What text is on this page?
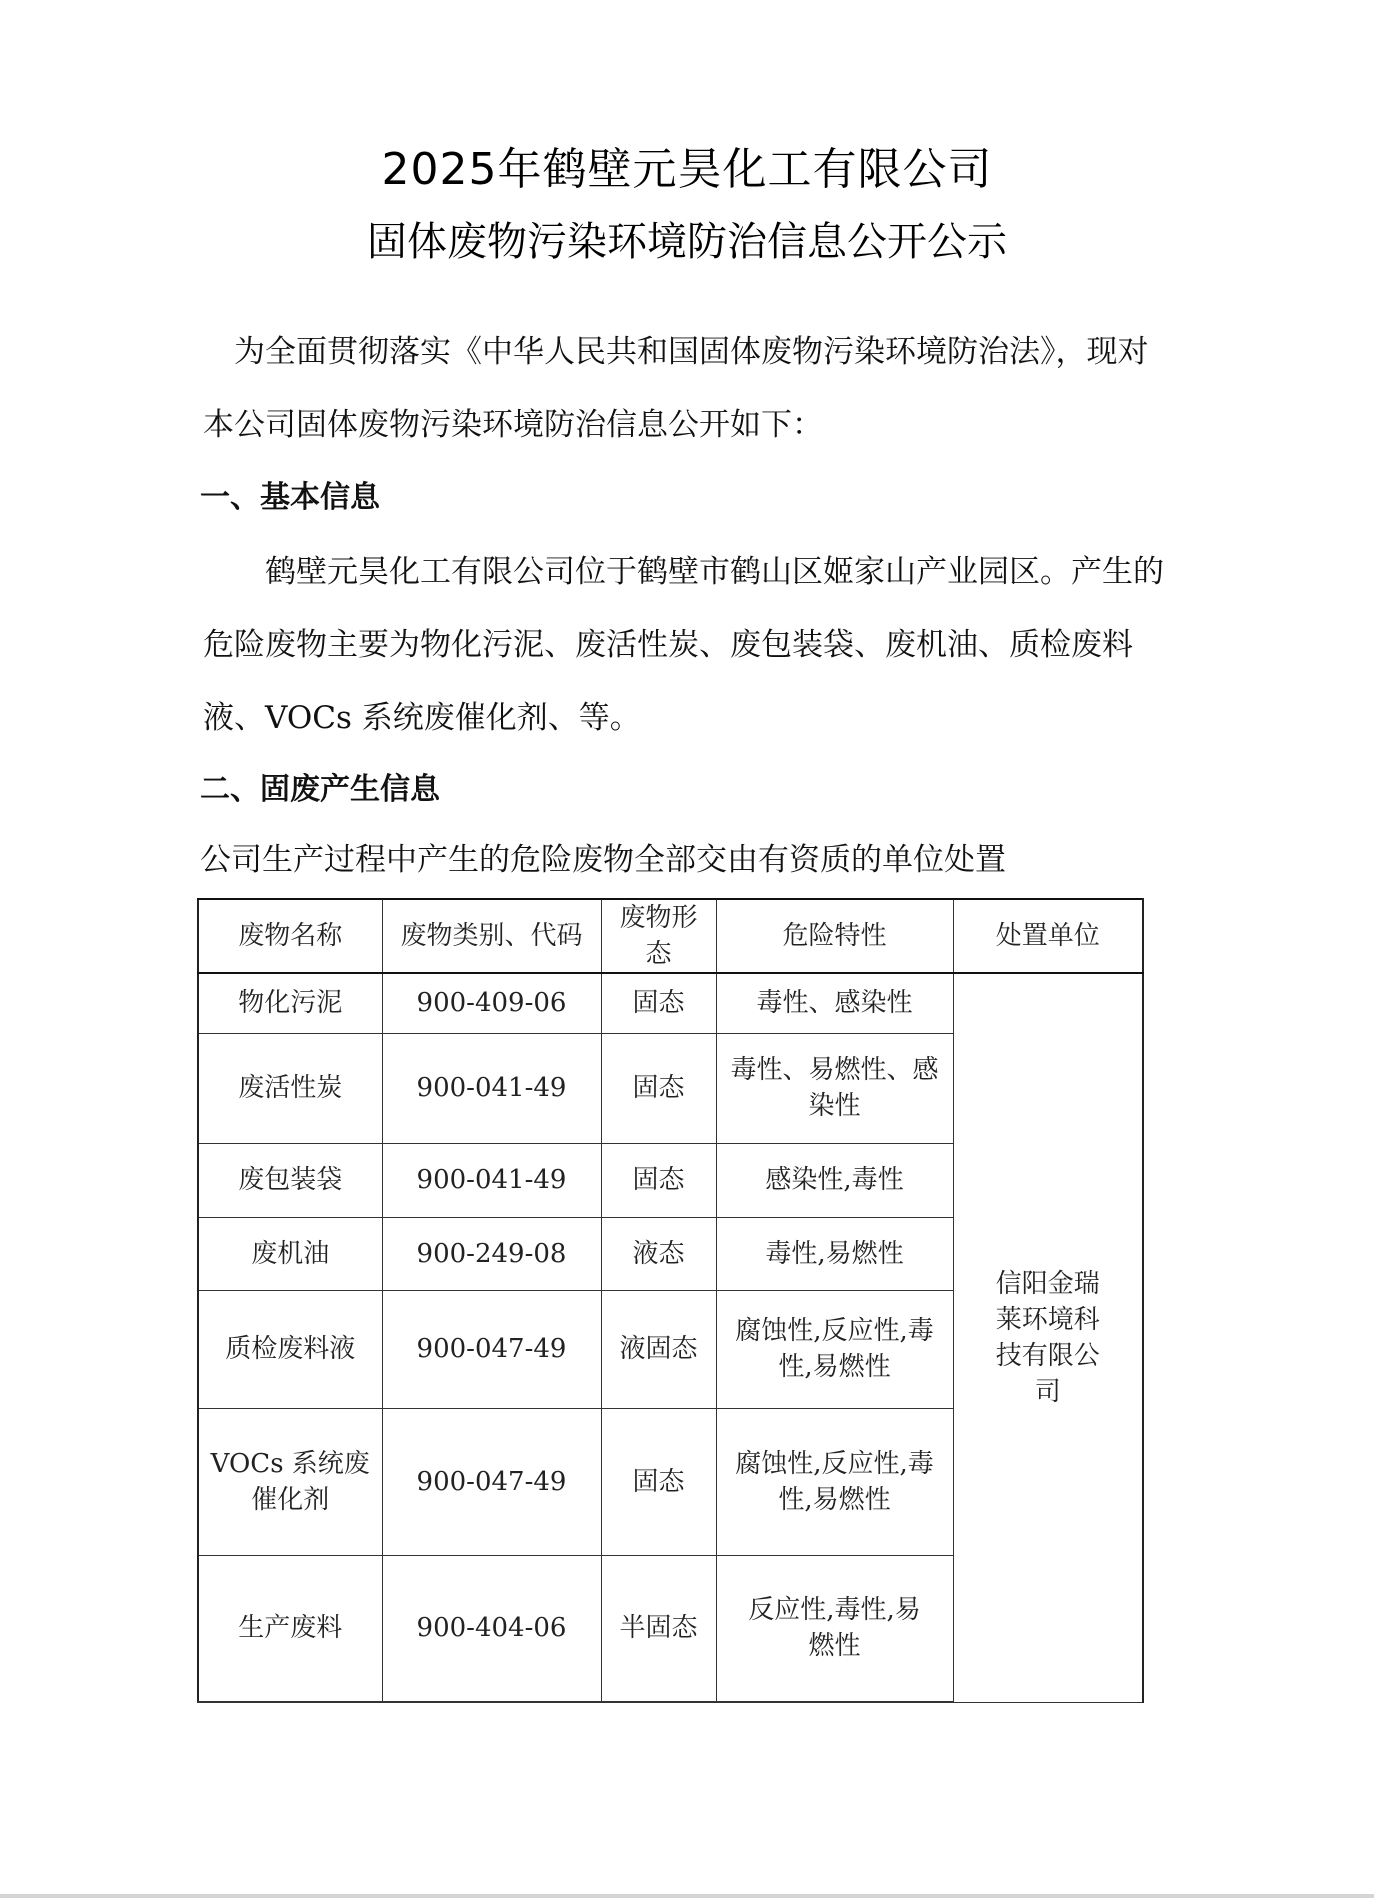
2025年鹤壁元昊化工有限公司
固体废物污染环境防治信息公开公示
为全面贯彻落实《中华人民共和国固体废物污染环境防治法》，现对本公司固体废物污染环境防治信息公开如下：
一、基本信息
鹤壁元昊化工有限公司位于鹤壁市鹤山区姬家山产业园区。产生的危险废物主要为物化污泥、废活性炭、废包装袋、废机油、质检废料液、VOCs 系统废催化剂、等。
二、固废产生信息
公司生产过程中产生的危险废物全部交由有资质的单位处置
废物名称	废物类别、代码	废物形态	危险特性	处置单位
物化污泥	900-409-06	固态	毒性、感染性	信阳金瑞莱环境科技有限公司
废活性炭	900-041-49	固态	毒性、易燃性、感染性	
废包装袋	900-041-49	固态	感染性,毒性	
废机油	900-249-08	液态	毒性,易燃性	
质检废料液	900-047-49	液固态	腐蚀性,反应性,毒性,易燃性	
VOCs 系统废催化剂	900-047-49	固态	腐蚀性,反应性,毒性,易燃性	
生产废料	900-404-06	半固态	反应性,毒性,易燃性	
